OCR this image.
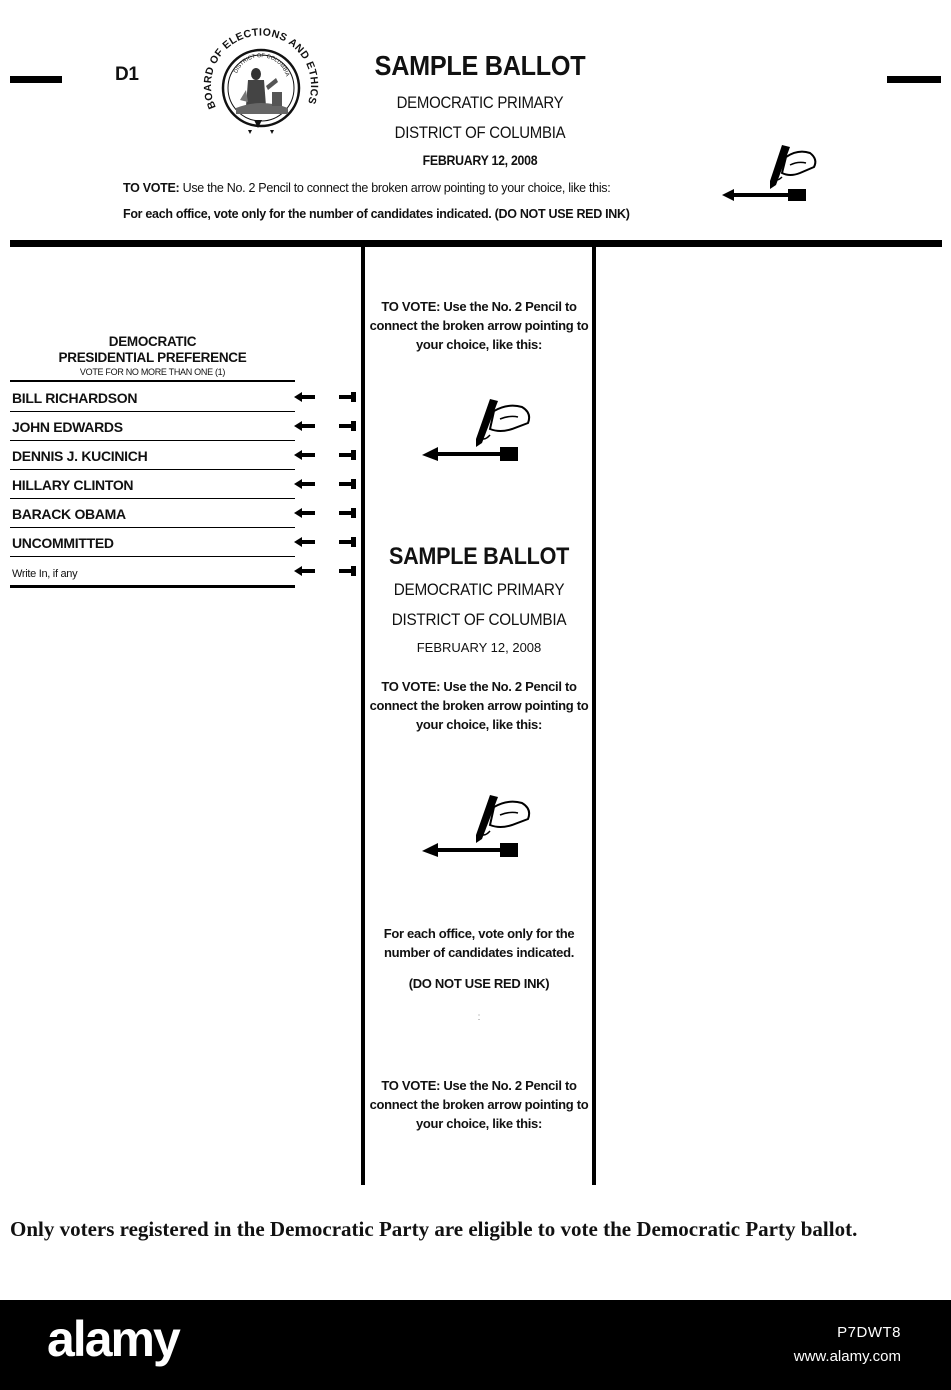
D1
BOARD OF ELECTIONS AND ETHICS
DISTRICT OF COLUMBIA	SAMPLE BALLOT
DEMOCRATIC PRIMARY
DISTRICT OF COLUMBIA
FEBRUARY 12, 2008
TO VOTE: Use the No. 2 Pencil to connect the broken arrow pointing to your choice, like this:
For each office, vote only for the number of candidates indicated. (DO NOT USE RED INK)
DEMOCRATIC
PRESIDENTIAL PREFERENCE
VOTE FOR NO MORE THAN ONE (1)
BILL RICHARDSON
JOHN EDWARDS
DENNIS J. KUCINICH
HILLARY CLINTON
BARACK OBAMA
UNCOMMITTED
Write In, if any
TO VOTE: Use the No. 2 Pencil to connect the broken arrow pointing to your choice, like this:
SAMPLE BALLOT
DEMOCRATIC PRIMARY
DISTRICT OF COLUMBIA
FEBRUARY 12, 2008
TO VOTE: Use the No. 2 Pencil to connect the broken arrow pointing to your choice, like this:
For each office, vote only for the number of candidates indicated.
(DO NOT USE RED INK)
:
TO VOTE: Use the No. 2 Pencil to connect the broken arrow pointing to your choice, like this:
Only voters registered in the Democratic Party are eligible to vote the Democratic Party ballot.
alamy	P7DWT8
www.alamy.com
